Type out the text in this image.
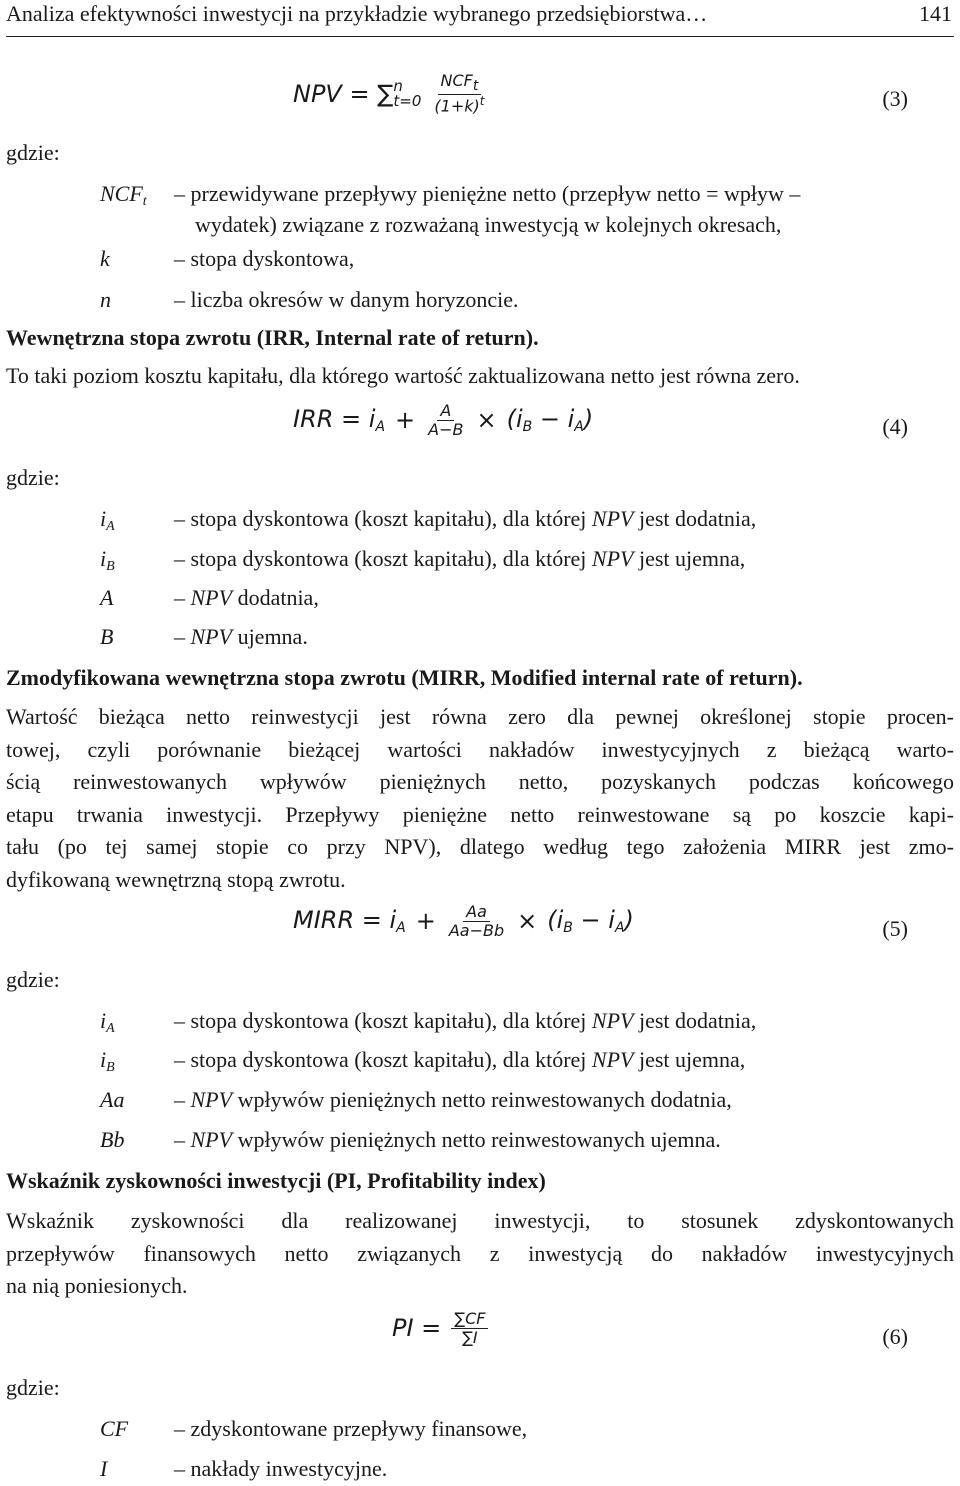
Analiza efektywności inwestycji na przykładzie wybranego przedsiębiorstwa…	141
NPV = ∑ n
$t=0 \frac{NCF_t}{(1+k)^t}$	(3)
gdzie:
$NCF_t$ – przewidywane przepływy pieniężne netto (przepływ netto = wpływ –
wydatek) związane z rozważaną inwestycją w kolejnych okresach,
k	– stopa dyskontowa,
n	– liczba okresów w danym horyzoncie.
Wewnętrzna stopa zwrotu (IRR, Internal rate of return).
To taki poziom kosztu kapitału, dla którego wartość zaktualizowana netto jest równa zero.
IRR = $i_A + \frac{A}{A-B} \times (i_B - i_A)$	(4)
gdzie:
$i_A$	– stopa dyskontowa (koszt kapitału), dla której NPV jest dodatnia,
$i_B$	– stopa dyskontowa (koszt kapitału), dla której NPV jest ujemna,
A	– NPV dodatnia,
B	– NPV ujemna.
Zmodyfikowana wewnętrzna stopa zwrotu (MIRR, Modified internal rate of return).
Wartość bieżąca netto reinwestycji jest równa zero dla pewnej określonej stopie procen-
towej, czyli porównanie bieżącej wartości nakładów inwestycyjnych z bieżącą warto-
ścią reinwestowanych wpływów pieniężnych netto, pozyskanych podczas końcowego
etapu trwania inwestycji. Przepływy pieniężne netto reinwestowane są po koszcie kapi-
tału (po tej samej stopie co przy NPV), dlatego według tego założenia MIRR jest zmo-
dyfikowaną wewnętrzną stopą zwrotu.
MIRR = $i_A + \frac{Aa}{Aa-Bb} \times (i_B - i_A)$	(5)
gdzie:
$i_A$	– stopa dyskontowa (koszt kapitału), dla której NPV jest dodatnia,
$i_B$	– stopa dyskontowa (koszt kapitału), dla której NPV jest ujemna,
Aa – NPV wpływów pieniężnych netto reinwestowanych dodatnia,
Bb – NPV wpływów pieniężnych netto reinwestowanych ujemna.
Wskaźnik zyskowności inwestycji (PI, Profitability index)
Wskaźnik zyskowności dla realizowanej inwestycji, to stosunek zdyskontowanych
przepływów finansowych netto związanych z inwestycją do nakładów inwestycyjnych
na nią poniesionych.
PI = $\frac{\sum CF}{\sum I}$	(6)
gdzie:
CF – zdyskontowane przepływy finansowe,
I	– nakłady inwestycyjne.
